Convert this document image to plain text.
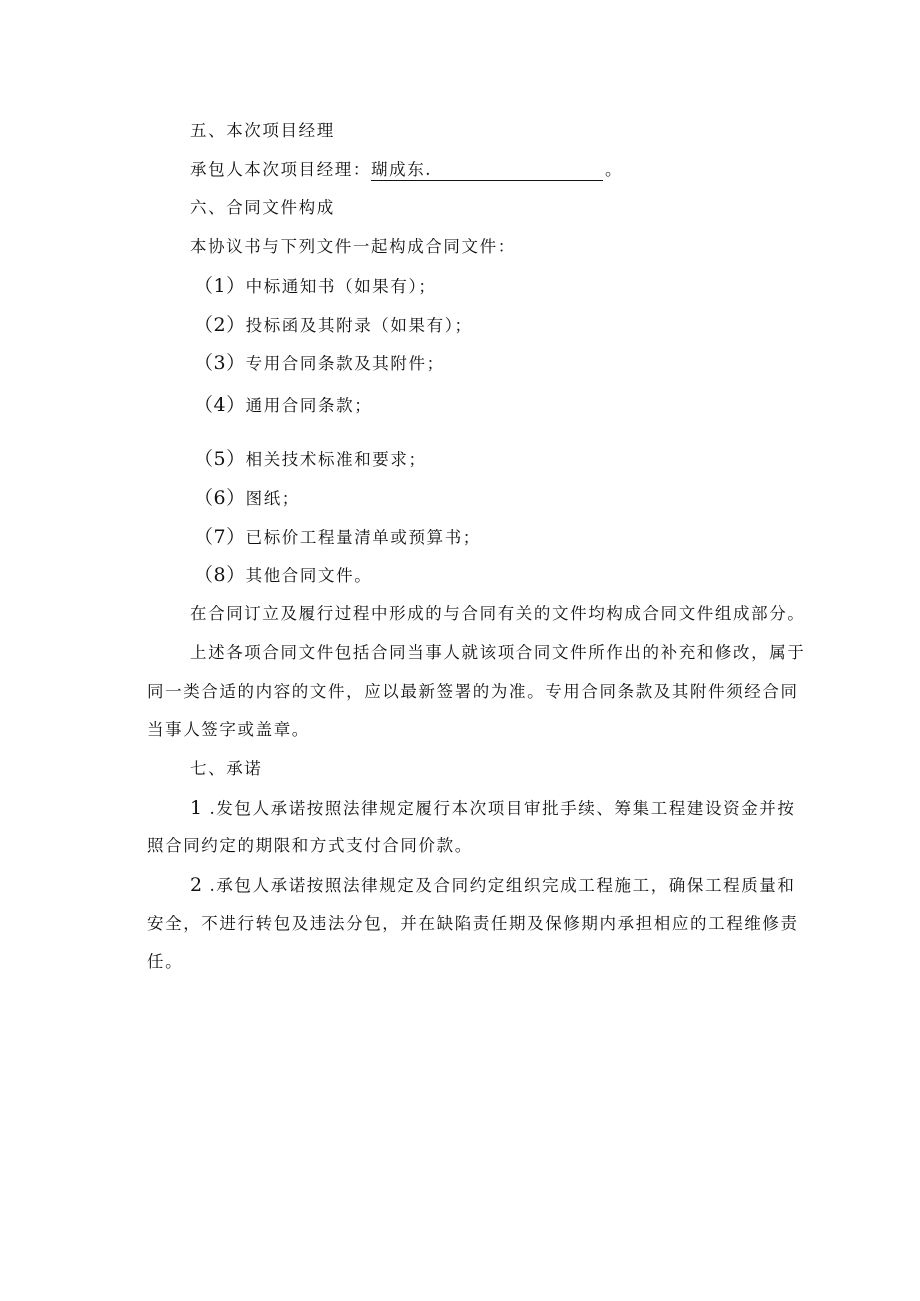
五、本次项目经理
承包人本次项目经理：瑚成东.	。
六、合同文件构成
本协议书与下列文件一起构成合同文件：
（1）中标通知书（如果有）；
（2）投标函及其附录（如果有）；
（3）专用合同条款及其附件；
（4）通用合同条款；
（5）相关技术标准和要求；
（6）图纸；
（7）已标价工程量清单或预算书；
（8）其他合同文件。
在合同订立及履行过程中形成的与合同有关的文件均构成合同文件组成部分。
上述各项合同文件包括合同当事人就该项合同文件所作出的补充和修改，属于
同一类合适的内容的文件，应以最新签署的为准。专用合同条款及其附件须经合同
当事人签字或盖章。
七、承诺
1 .发包人承诺按照法律规定履行本次项目审批手续、筹集工程建设资金并按
照合同约定的期限和方式支付合同价款。
2 .承包人承诺按照法律规定及合同约定组织完成工程施工，确保工程质量和
安全，不进行转包及违法分包，并在缺陷责任期及保修期内承担相应的工程维修责
任。
